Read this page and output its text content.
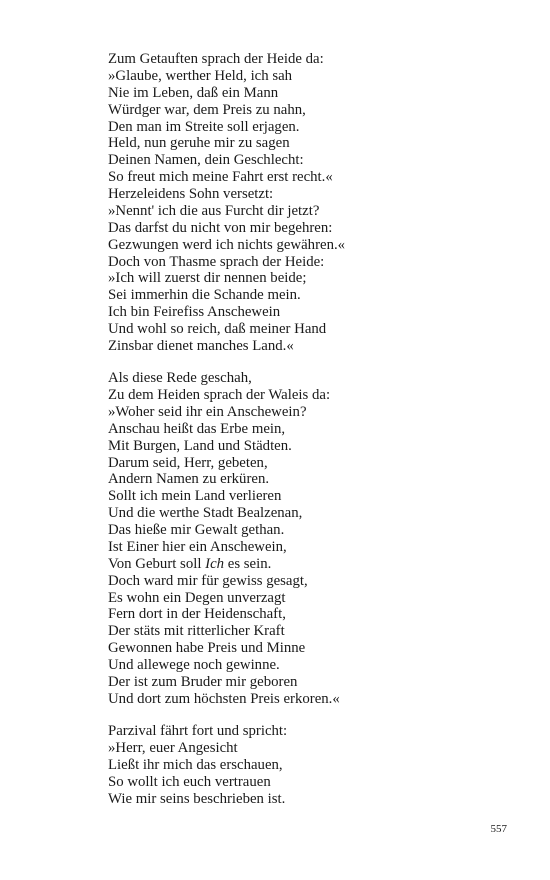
Zum Getauften sprach der Heide da:
»Glaube, werther Held, ich sah
Nie im Leben, daß ein Mann
Würdger war, dem Preis zu nahn,
Den man im Streite soll erjagen.
Held, nun geruhe mir zu sagen
Deinen Namen, dein Geschlecht:
So freut mich meine Fahrt erst recht.«
Herzeleidens Sohn versetzt:
»Nennt' ich die aus Furcht dir jetzt?
Das darfst du nicht von mir begehren:
Gezwungen werd ich nichts gewähren.«
Doch von Thasme sprach der Heide:
»Ich will zuerst dir nennen beide;
Sei immerhin die Schande mein.
Ich bin Feirefiss Anschewein
Und wohl so reich, daß meiner Hand
Zinsbar dienet manches Land.«
Als diese Rede geschah,
Zu dem Heiden sprach der Waleis da:
»Woher seid ihr ein Anschewein?
Anschau heißt das Erbe mein,
Mit Burgen, Land und Städten.
Darum seid, Herr, gebeten,
Andern Namen zu erküren.
Sollt ich mein Land verlieren
Und die werthe Stadt Bealzenan,
Das hieße mir Gewalt gethan.
Ist Einer hier ein Anschewein,
Von Geburt soll Ich es sein.
Doch ward mir für gewiss gesagt,
Es wohn ein Degen unverzagt
Fern dort in der Heidenschaft,
Der stäts mit ritterlicher Kraft
Gewonnen habe Preis und Minne
Und allewege noch gewinne.
Der ist zum Bruder mir geboren
Und dort zum höchsten Preis erkoren.«
Parzival fährt fort und spricht:
»Herr, euer Angesicht
Ließt ihr mich das erschauen,
So wollt ich euch vertrauen
Wie mir seins beschrieben ist.
557
